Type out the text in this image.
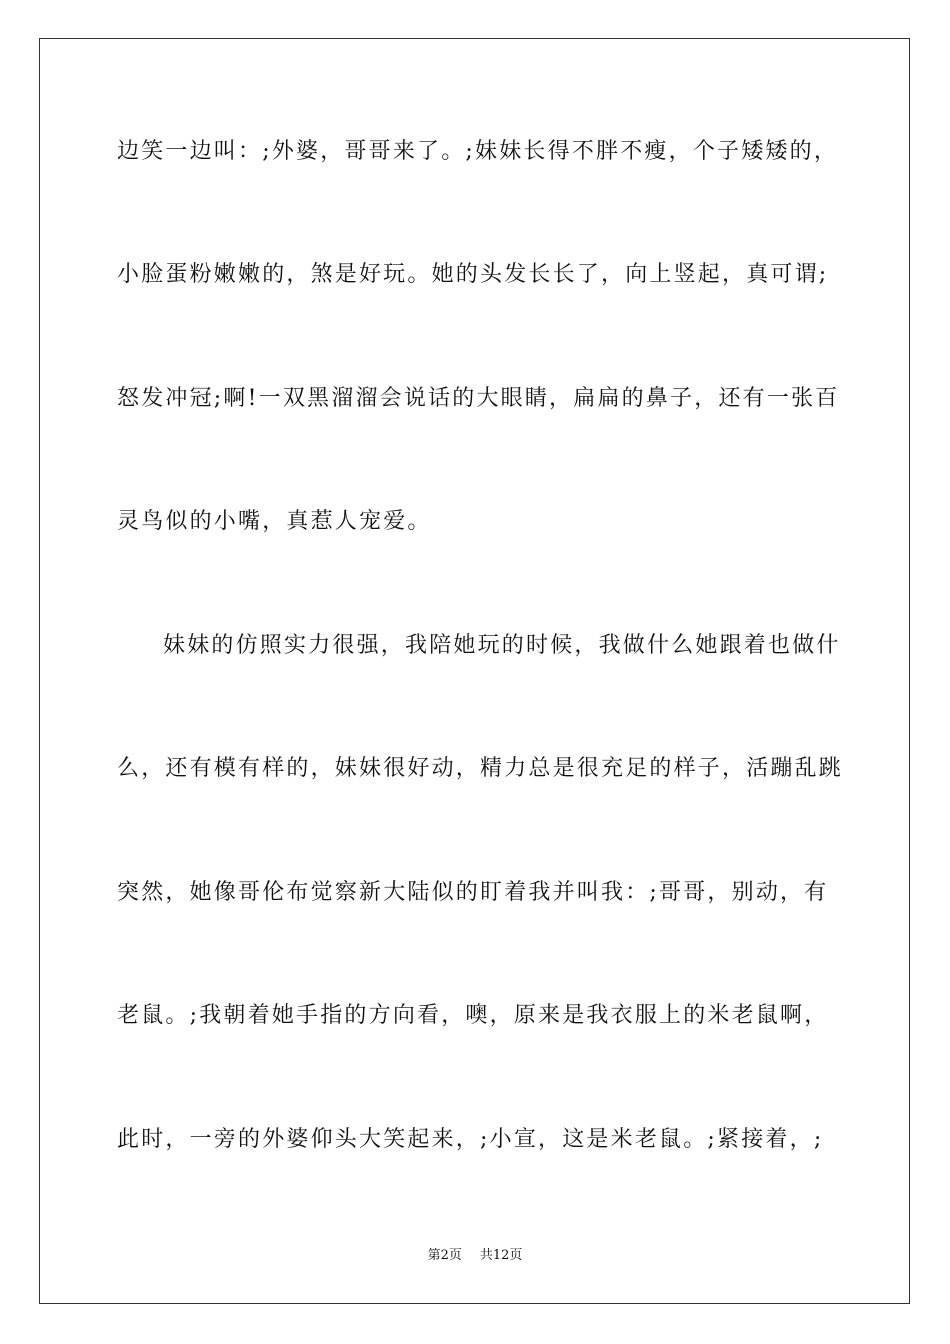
边笑一边叫：;外婆，哥哥来了。;妹妹长得不胖不瘦，个子矮矮的，
小脸蛋粉嫩嫩的，煞是好玩。她的头发长长了，向上竖起，真可谓;
怒发冲冠;啊!一双黑溜溜会说话的大眼睛，扁扁的鼻子，还有一张百
灵鸟似的小嘴，真惹人宠爱。
妹妹的仿照实力很强，我陪她玩的时候，我做什么她跟着也做什
么，还有模有样的，妹妹很好动，精力总是很充足的样子，活蹦乱跳
突然，她像哥伦布觉察新大陆似的盯着我并叫我：;哥哥，别动，有
老鼠。;我朝着她手指的方向看，噢，原来是我衣服上的米老鼠啊，
此时，一旁的外婆仰头大笑起来，;小宣，这是米老鼠。;紧接着，;
第2页 共12页
